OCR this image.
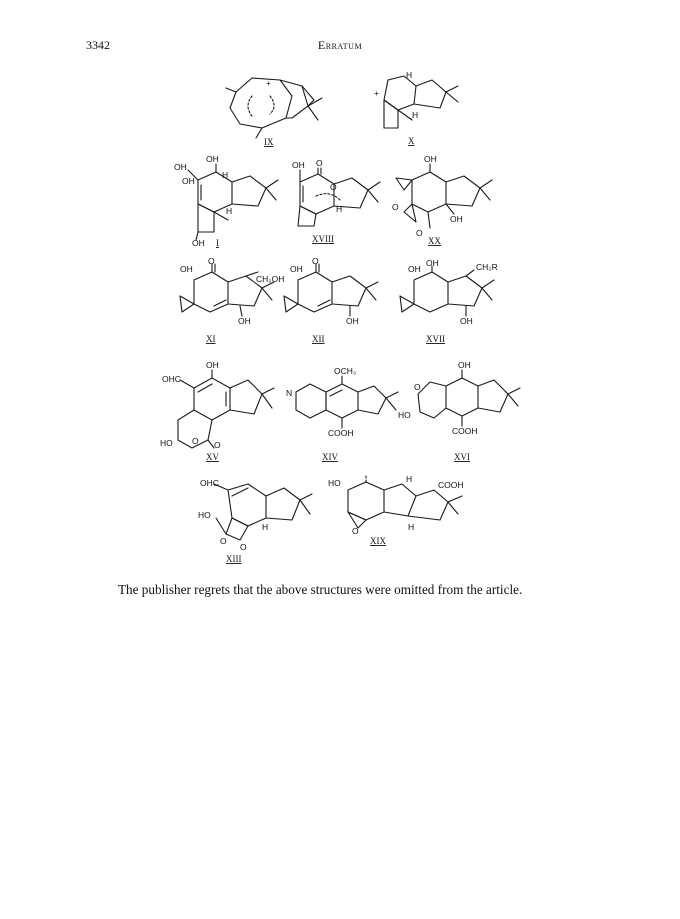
3342	Erratum
+
IX
+
H
H
X
OH
OH
OH
H
H
OH I
OH O
O
H
XVIII
OH
O
OH
O
XX
OH
O
CH₂OH
OH
XI
OH
O
OH
XII
OH
OH	CH₂R
OH
XVII
OH
OHC
HO O O
XV
OCH₃
N
COOH
XIV
OH
O
HO
COOH
XVI
OHC
HO
O
O
H
XIII
HO	H
COOH
O	H
XIX
The publisher regrets that the above structures were omitted from the article.
